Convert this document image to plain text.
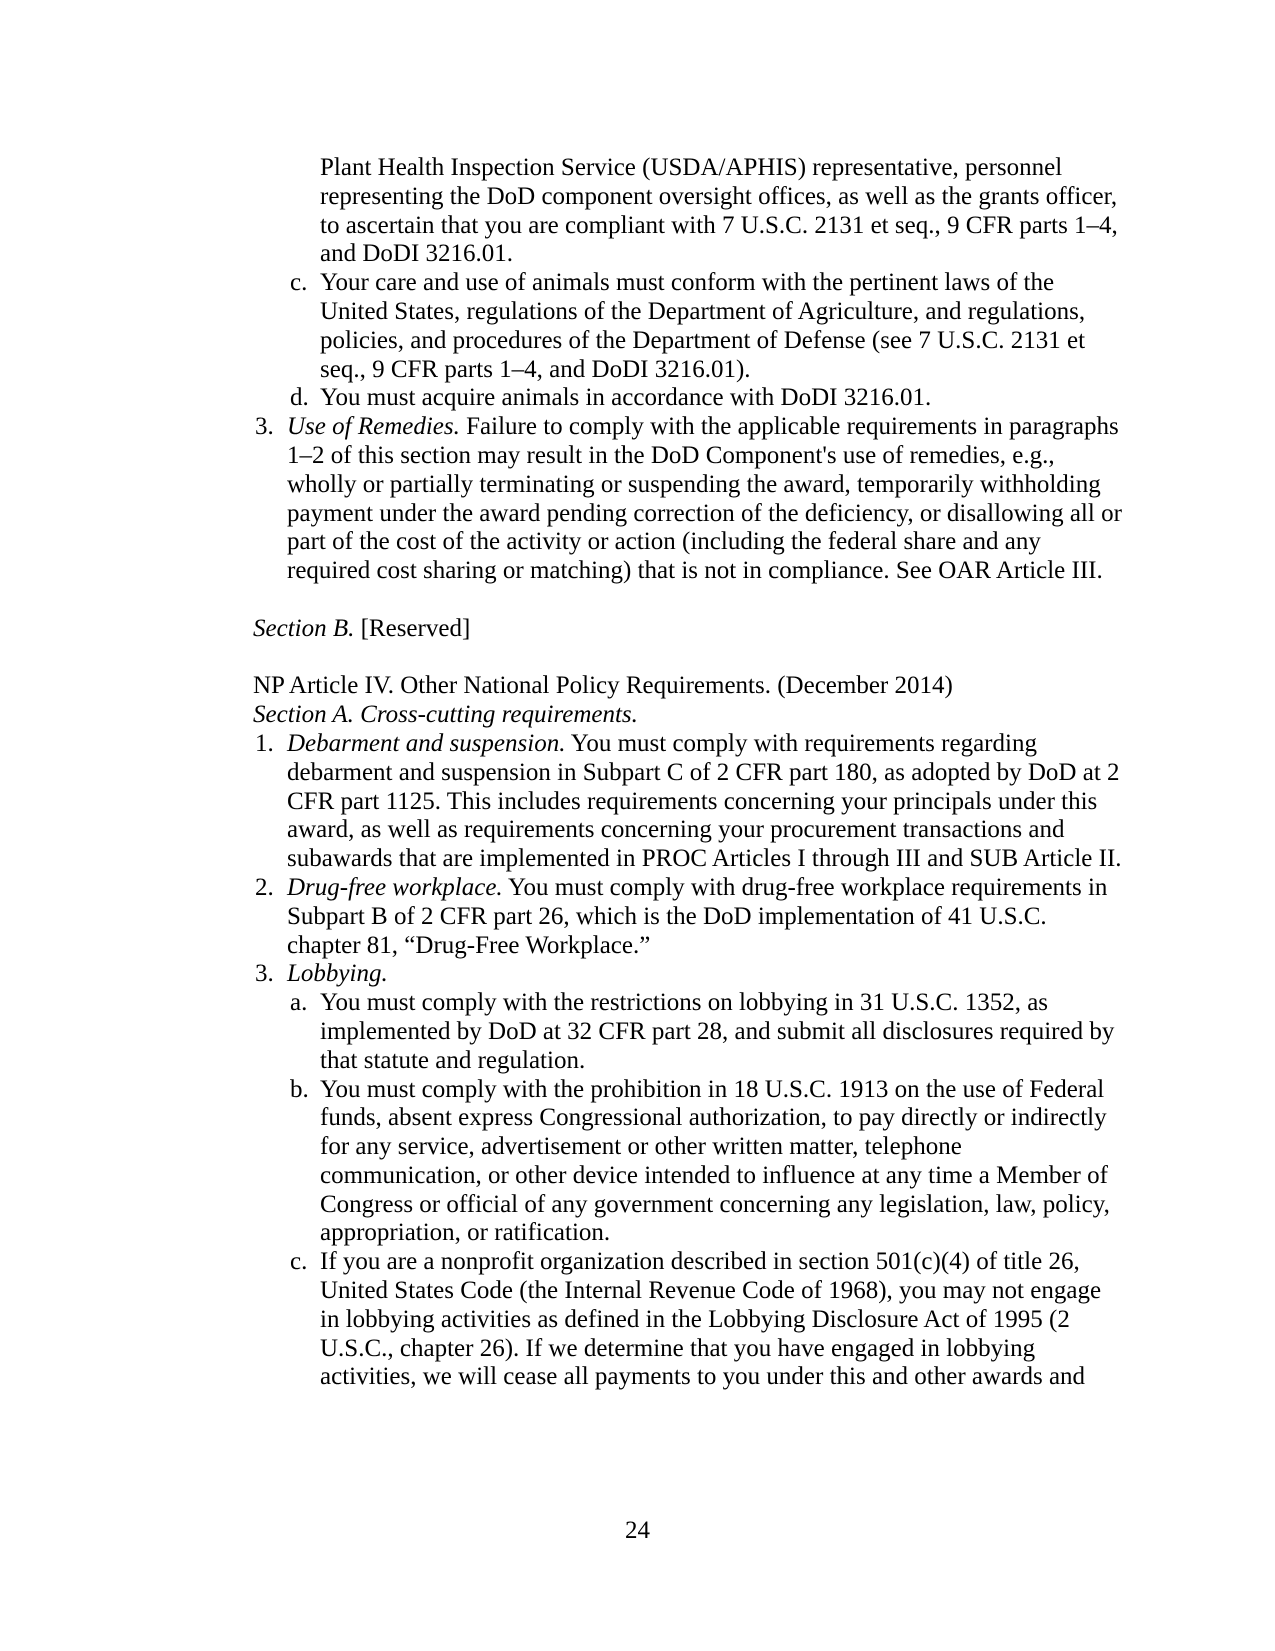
Plant Health Inspection Service (USDA/APHIS) representative, personnel representing the DoD component oversight offices, as well as the grants officer, to ascertain that you are compliant with 7 U.S.C. 2131 et seq., 9 CFR parts 1–4, and DoDI 3216.01.
c. Your care and use of animals must conform with the pertinent laws of the United States, regulations of the Department of Agriculture, and regulations, policies, and procedures of the Department of Defense (see 7 U.S.C. 2131 et seq., 9 CFR parts 1–4, and DoDI 3216.01).
d. You must acquire animals in accordance with DoDI 3216.01.
3. Use of Remedies. Failure to comply with the applicable requirements in paragraphs 1–2 of this section may result in the DoD Component's use of remedies, e.g., wholly or partially terminating or suspending the award, temporarily withholding payment under the award pending correction of the deficiency, or disallowing all or part of the cost of the activity or action (including the federal share and any required cost sharing or matching) that is not in compliance. See OAR Article III.
Section B. [Reserved]
NP Article IV. Other National Policy Requirements. (December 2014)
Section A. Cross-cutting requirements.
1. Debarment and suspension. You must comply with requirements regarding debarment and suspension in Subpart C of 2 CFR part 180, as adopted by DoD at 2 CFR part 1125. This includes requirements concerning your principals under this award, as well as requirements concerning your procurement transactions and subawards that are implemented in PROC Articles I through III and SUB Article II.
2. Drug-free workplace. You must comply with drug-free workplace requirements in Subpart B of 2 CFR part 26, which is the DoD implementation of 41 U.S.C. chapter 81, “Drug-Free Workplace.”
3. Lobbying.
a. You must comply with the restrictions on lobbying in 31 U.S.C. 1352, as implemented by DoD at 32 CFR part 28, and submit all disclosures required by that statute and regulation.
b. You must comply with the prohibition in 18 U.S.C. 1913 on the use of Federal funds, absent express Congressional authorization, to pay directly or indirectly for any service, advertisement or other written matter, telephone communication, or other device intended to influence at any time a Member of Congress or official of any government concerning any legislation, law, policy, appropriation, or ratification.
c. If you are a nonprofit organization described in section 501(c)(4) of title 26, United States Code (the Internal Revenue Code of 1968), you may not engage in lobbying activities as defined in the Lobbying Disclosure Act of 1995 (2 U.S.C., chapter 26). If we determine that you have engaged in lobbying activities, we will cease all payments to you under this and other awards and
24
